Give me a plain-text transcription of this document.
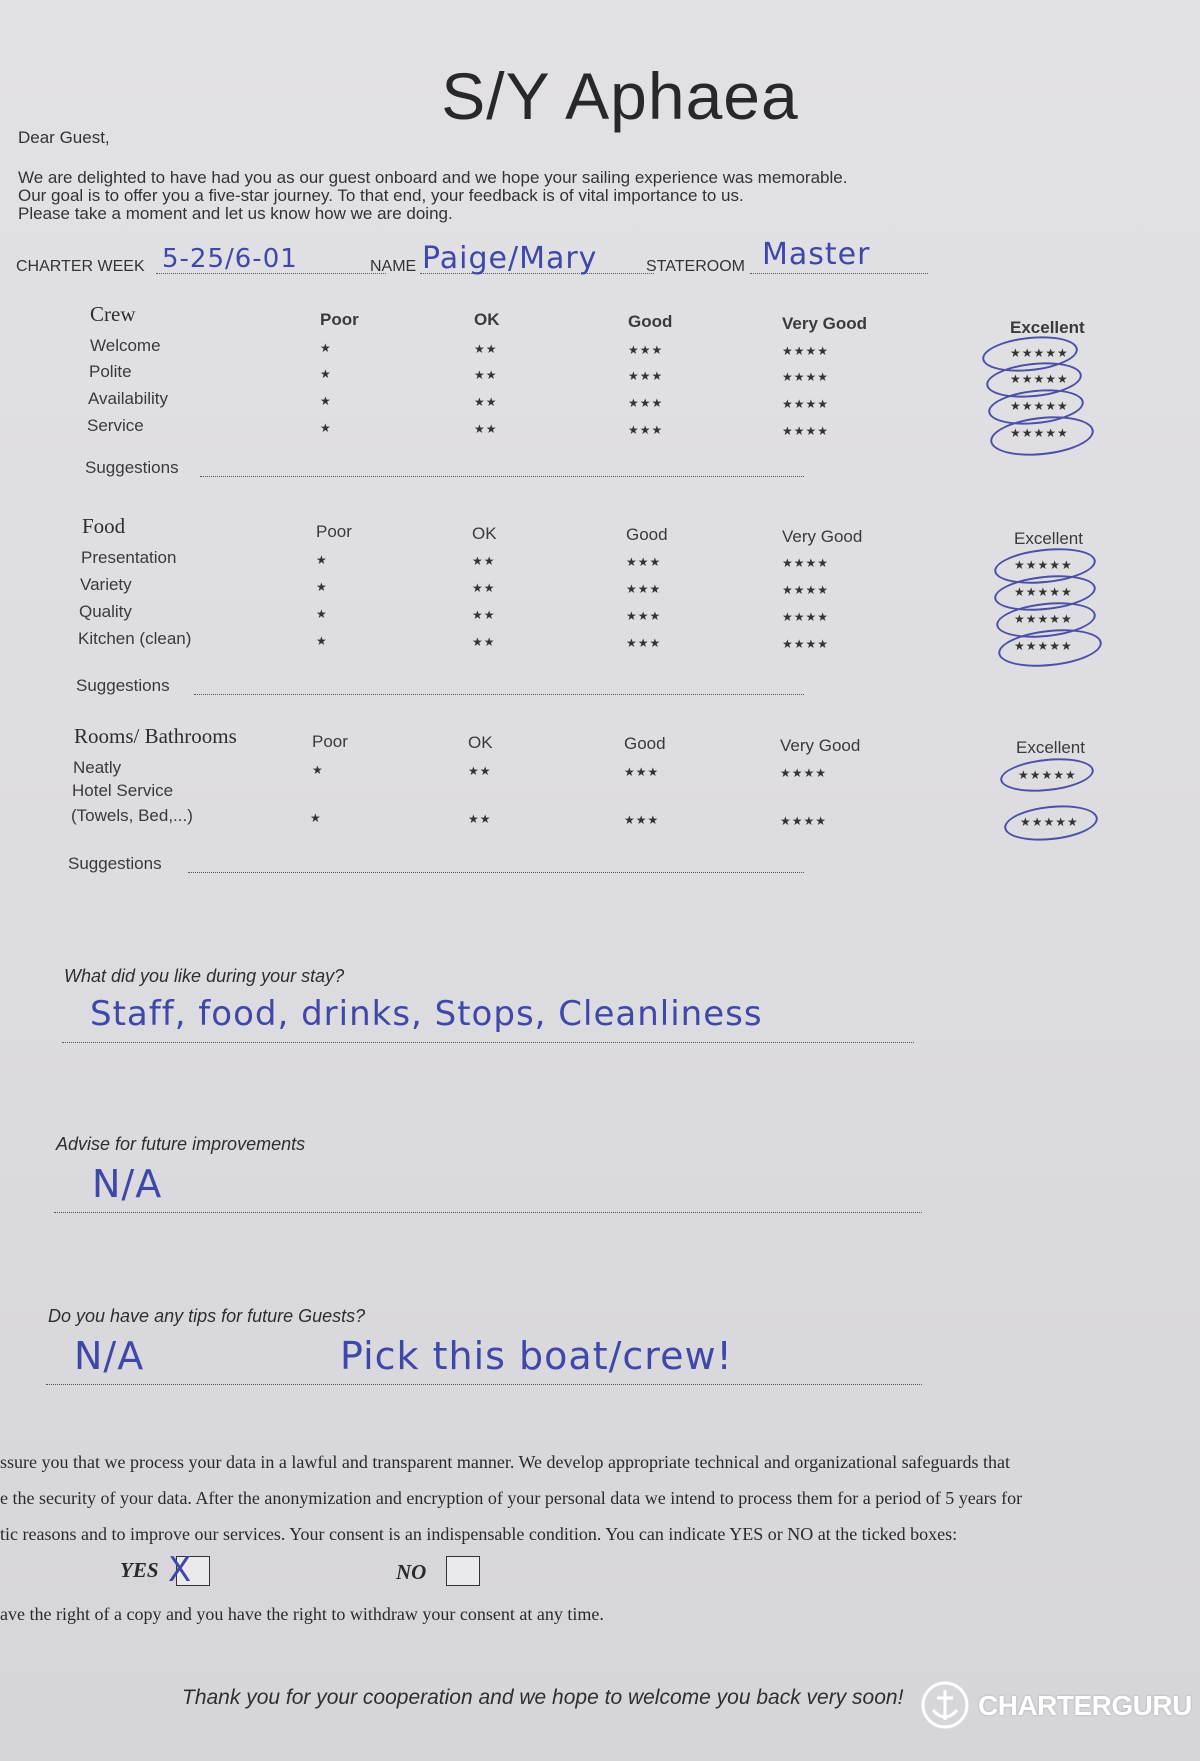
S/Y Aphaea
Dear Guest,
We are delighted to have had you as our guest onboard and we hope your sailing experience was memorable.
Our goal is to offer you a five-star journey. To that end, your feedback is of vital importance to us.
Please take a moment and let us know how we are doing.
CHARTER WEEK 5-25/6-01	NAME Paige/Mary	STATEROOM Master
Crew	Poor	OK	Good	Very Good	Excellent
Welcome	★	★★	★★★	★★★★	★★★★★
Polite	★	★★	★★★	★★★★	★★★★★
Availability	★	★★	★★★	★★★★	★★★★★
Service	★	★★	★★★	★★★★	★★★★★
Suggestions
Food	Poor	OK	Good	Very Good	Excellent
Presentation	★	★★	★★★	★★★★	★★★★★
Variety	★	★★	★★★	★★★★	★★★★★
Quality	★	★★	★★★	★★★★	★★★★★
Kitchen (clean)	★	★★	★★★	★★★★	★★★★★
Suggestions
Rooms/ Bathrooms	Poor	OK	Good	Very Good	Excellent
Neatly	★	★★	★★★	★★★★	★★★★★
Hotel Service
(Towels, Bed,...)	★	★★	★★★	★★★★	★★★★★
Suggestions
What did you like during your stay?
Staff, food, drinks, Stops, Cleanliness
Advise for future improvements
N/A
Do you have any tips for future Guests?
N/A	Pick this boat/crew!
ssure you that we process your data in a lawful and transparent manner. We develop appropriate technical and organizational safeguards that
e the security of your data. After the anonymization and encryption of your personal data we intend to process them for a period of 5 years for
tic reasons and to improve our services. Your consent is an indispensable condition. You can indicate YES or NO at the ticked boxes:
YES X	NO
ave the right of a copy and you have the right to withdraw your consent at any time.
Thank you for your cooperation and we hope to welcome you back very soon!	CHARTERGURU
